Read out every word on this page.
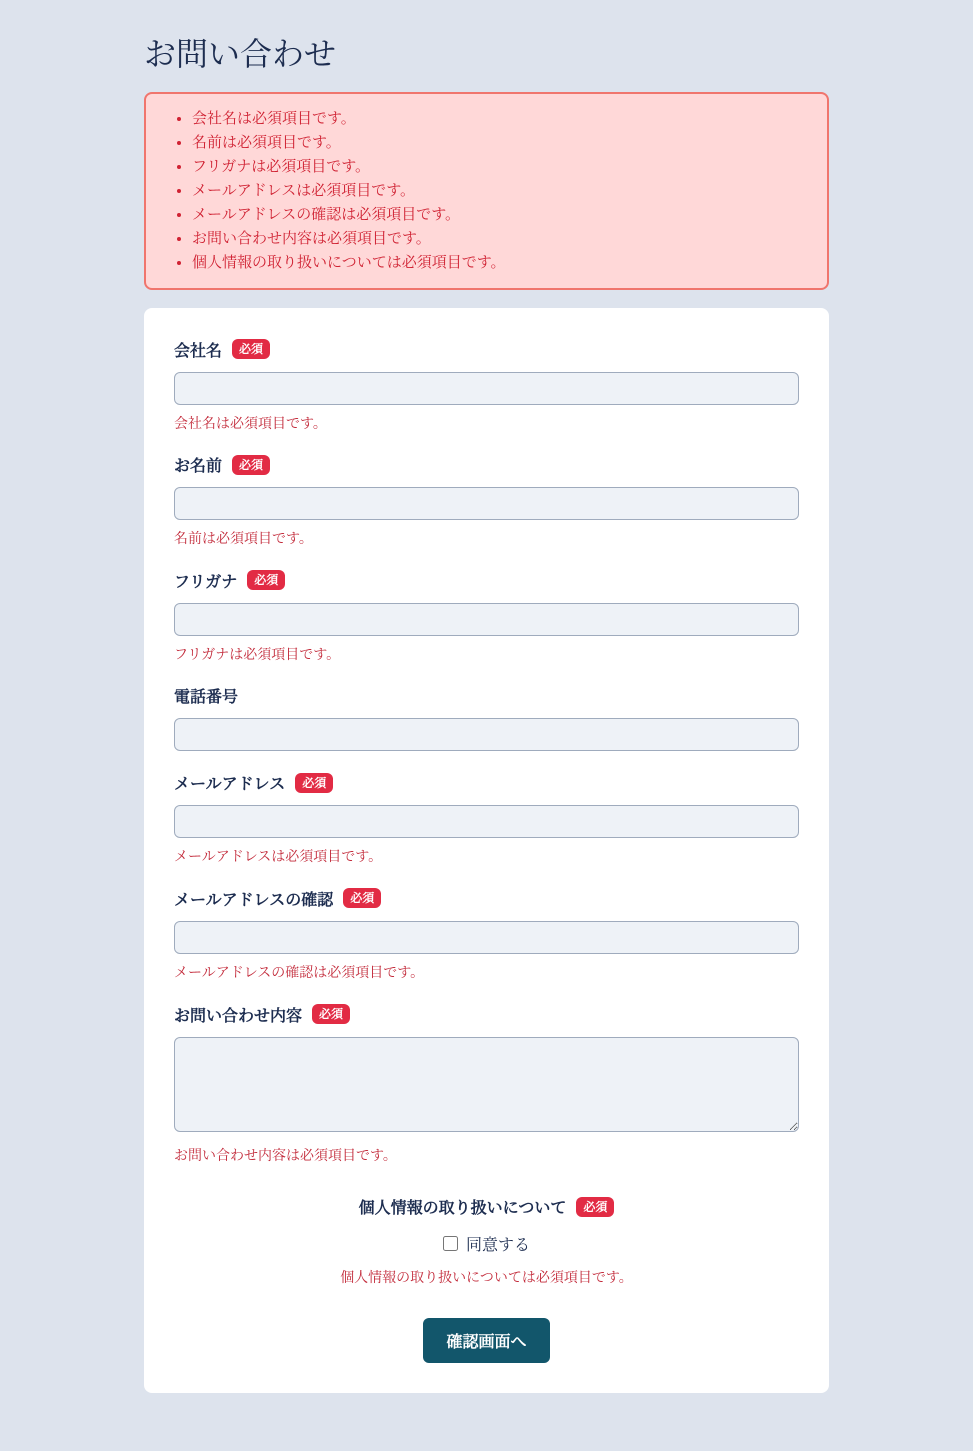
お問い合わせ
• 会社名は必須項目です。
• 名前は必須項目です。
• フリガナは必須項目です。
• メールアドレスは必須項目です。
• メールアドレスの確認は必須項目です。
• お問い合わせ内容は必須項目です。
• 個人情報の取り扱いについては必須項目です。
会社名	必須
会社名は必須項目です。
お名前	必須
名前は必須項目です。
フリガナ	必須
フリガナは必須項目です。
電話番号
メールアドレス	必須
メールアドレスは必須項目です。
メールアドレスの確認	必須
メールアドレスの確認は必須項目です。
お問い合わせ内容	必須
お問い合わせ内容は必須項目です。
個人情報の取り扱いについて	必須
同意する
個人情報の取り扱いについては必須項目です。
確認画面へ
